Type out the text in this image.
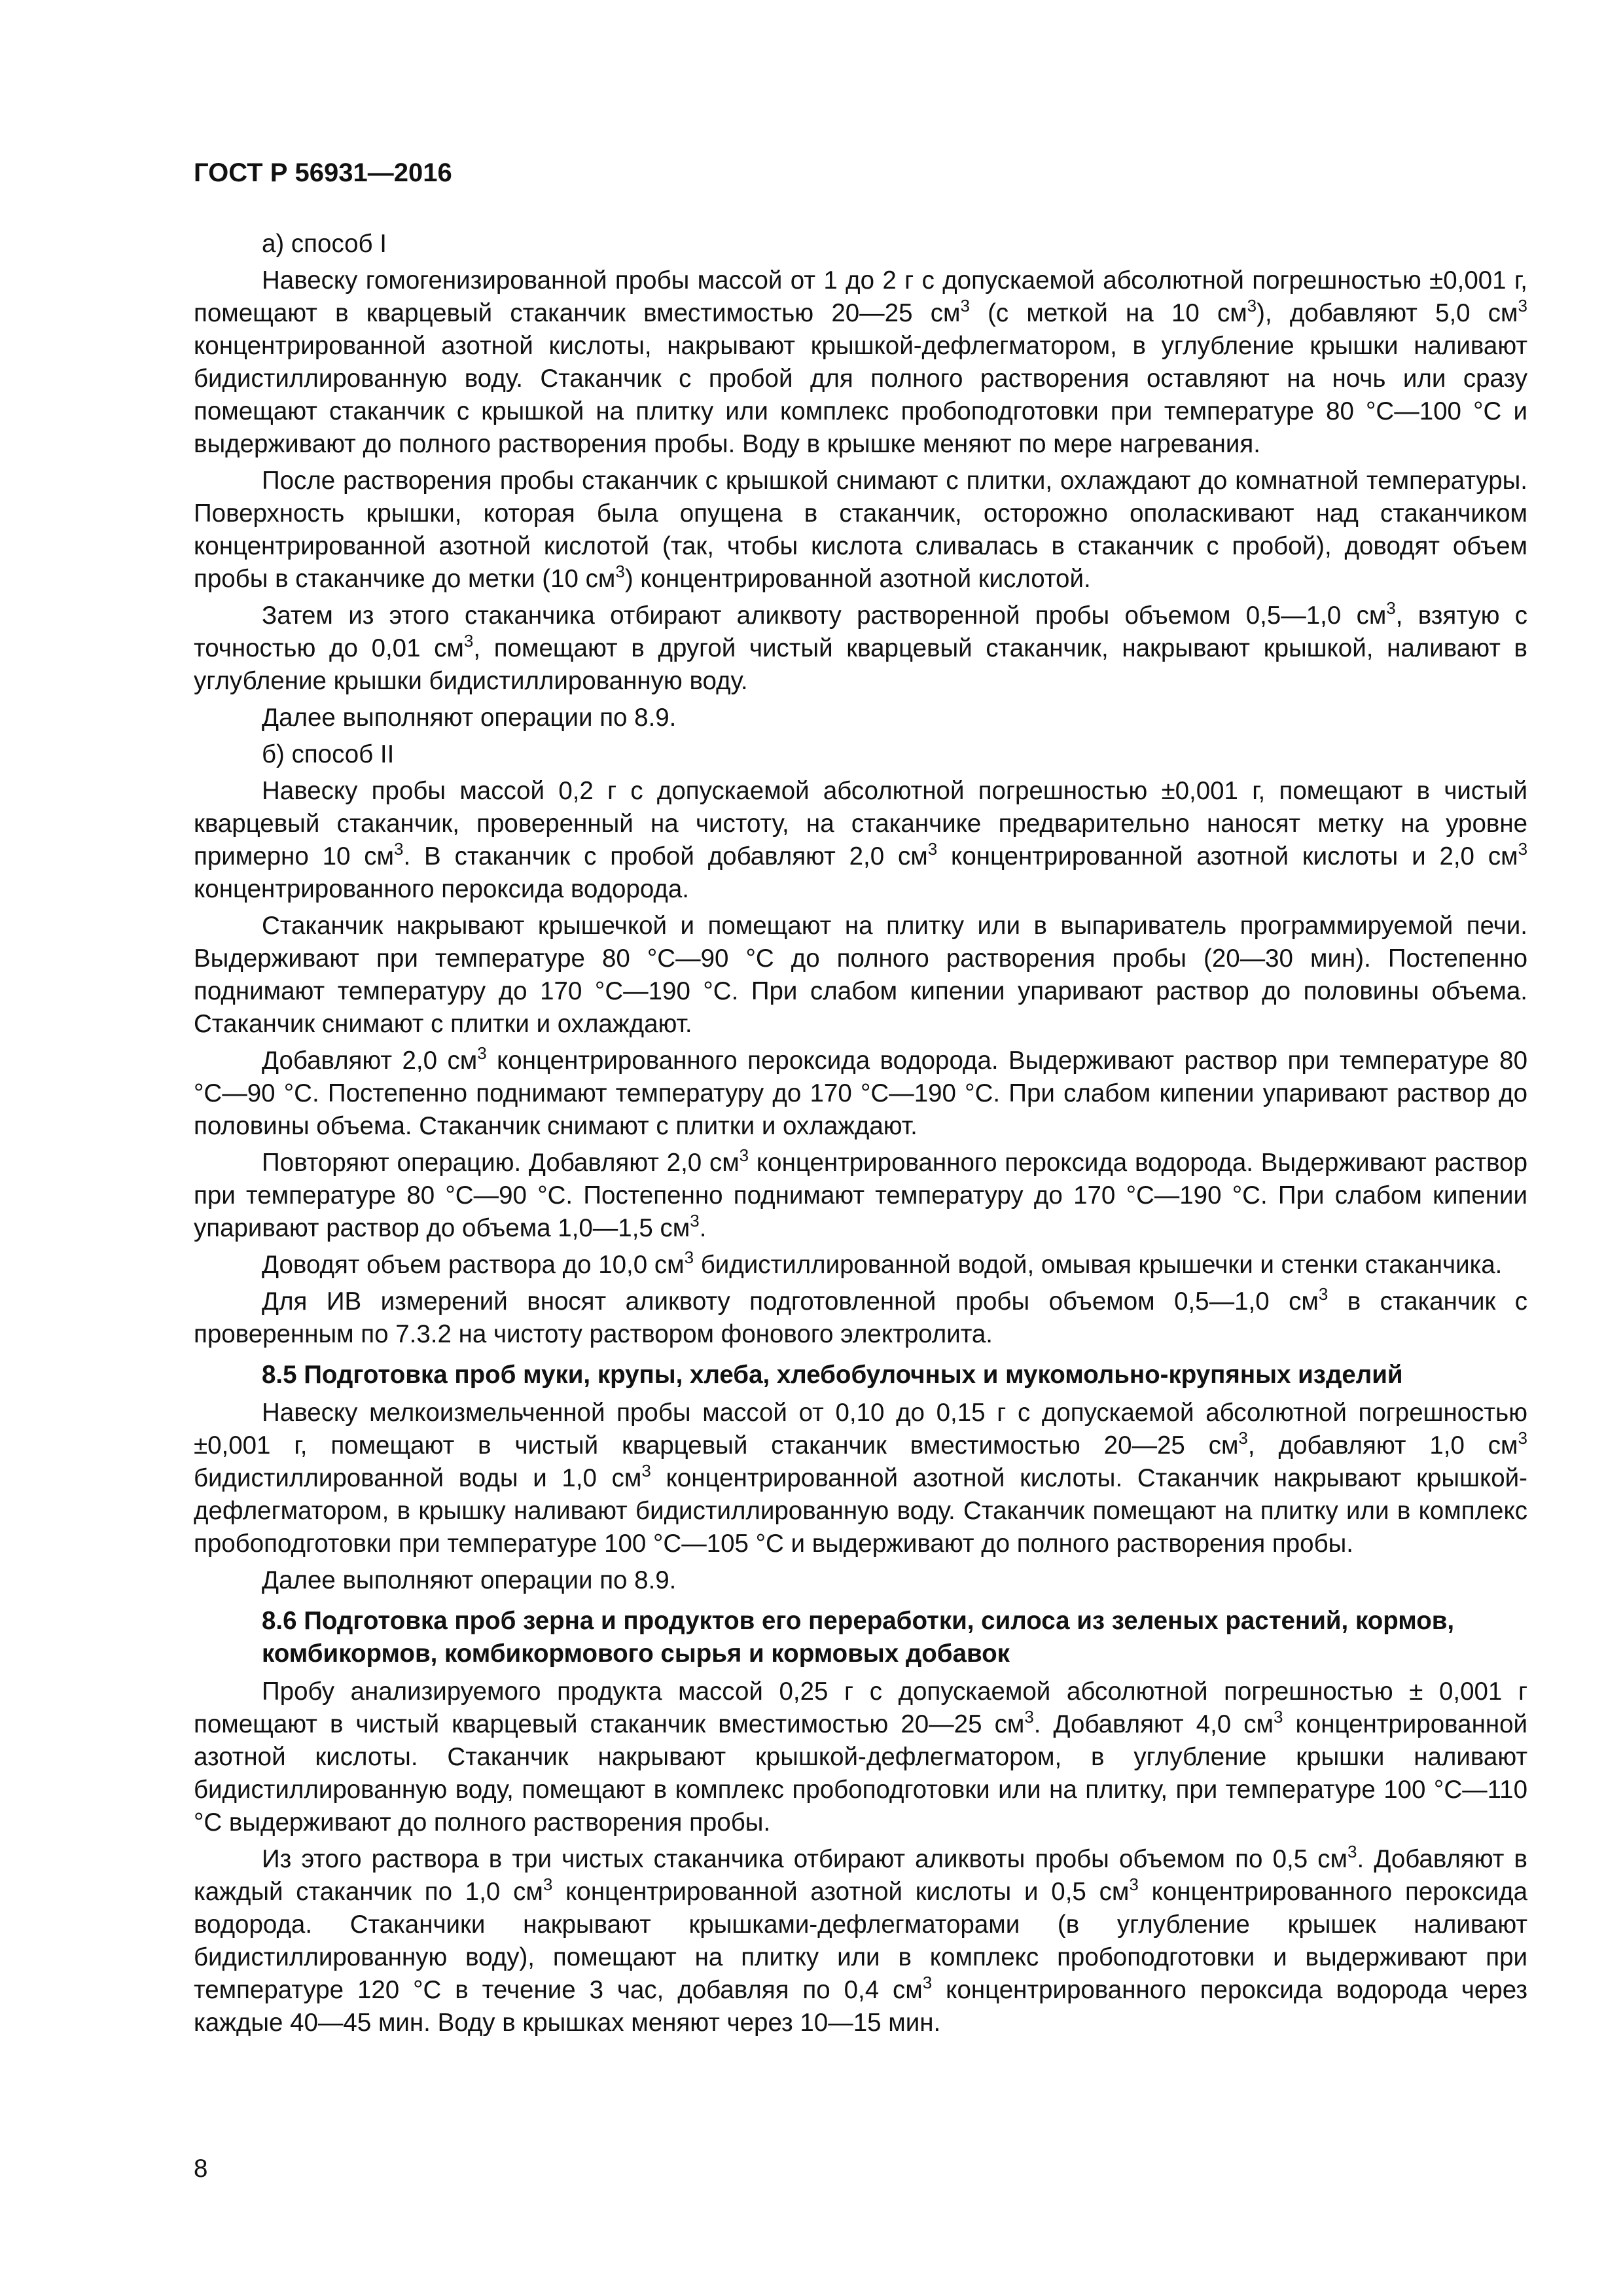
ГОСТ Р 56931—2016

а) способ I

Навеску гомогенизированной пробы массой от 1 до 2 г с допускаемой абсолютной погрешностью ±0,001 г, помещают в кварцевый стаканчик вместимостью 20—25 $см^3$ (с меткой на 10 $см^3$), добавляют 5,0 $см^3$ концентрированной азотной кислоты, накрывают крышкой-дефлегматором, в углубление крышки наливают бидистиллированную воду. Стаканчик с пробой для полного растворения оставляют на ночь или сразу помещают стаканчик с крышкой на плитку или комплекс пробоподготовки при температуре 80 °С—100 °С и выдерживают до полного растворения пробы. Воду в крышке меняют по мере нагревания.

После растворения пробы стаканчик с крышкой снимают с плитки, охлаждают до комнатной температуры. Поверхность крышки, которая была опущена в стаканчик, осторожно ополаскивают над стаканчиком концентрированной азотной кислотой (так, чтобы кислота сливалась в стаканчик с пробой), доводят объем пробы в стаканчике до метки (10 $см^3$) концентрированной азотной кислотой.

Затем из этого стаканчика отбирают аликвоту растворенной пробы объемом 0,5—1,0 $см^3$, взятую с точностью до 0,01 $см^3$, помещают в другой чистый кварцевый стаканчик, накрывают крышкой, наливают в углубление крышки бидистиллированную воду.

Далее выполняют операции по 8.9.

б) способ II

Навеску пробы массой 0,2 г с допускаемой абсолютной погрешностью ±0,001 г, помещают в чистый кварцевый стаканчик, проверенный на чистоту, на стаканчике предварительно наносят метку на уровне примерно 10 $см^3$. В стаканчик с пробой добавляют 2,0 $см^3$ концентрированной азотной кислоты и 2,0 $см^3$ концентрированного пероксида водорода.

Стаканчик накрывают крышечкой и помещают на плитку или в выпариватель программируемой печи. Выдерживают при температуре 80 °С—90 °С до полного растворения пробы (20—30 мин). Постепенно поднимают температуру до 170 °С—190 °С. При слабом кипении упаривают раствор до половины объема. Стаканчик снимают с плитки и охлаждают.

Добавляют 2,0 $см^3$ концентрированного пероксида водорода. Выдерживают раствор при температуре 80 °С—90 °С. Постепенно поднимают температуру до 170 °С—190 °С. При слабом кипении упаривают раствор до половины объема. Стаканчик снимают с плитки и охлаждают.

Повторяют операцию. Добавляют 2,0 $см^3$ концентрированного пероксида водорода. Выдерживают раствор при температуре 80 °С—90 °С. Постепенно поднимают температуру до 170 °С—190 °С. При слабом кипении упаривают раствор до объема 1,0—1,5 $см^3$.

Доводят объем раствора до 10,0 $см^3$ бидистиллированной водой, омывая крышечки и стенки стаканчика.

Для ИВ измерений вносят аликвоту подготовленной пробы объемом 0,5—1,0 $см^3$ в стаканчик с проверенным по 7.3.2 на чистоту раствором фонового электролита.

8.5 Подготовка проб муки, крупы, хлеба, хлебобулочных и мукомольно-крупяных изделий

Навеску мелкоизмельченной пробы массой от 0,10 до 0,15 г с допускаемой абсолютной погрешностью ±0,001 г, помещают в чистый кварцевый стаканчик вместимостью 20—25 $см^3$, добавляют 1,0 $см^3$ бидистиллированной воды и 1,0 $см^3$ концентрированной азотной кислоты. Стаканчик накрывают крышкой-дефлегматором, в крышку наливают бидистиллированную воду. Стаканчик помещают на плитку или в комплекс пробоподготовки при температуре 100 °С—105 °С и выдерживают до полного растворения пробы.

Далее выполняют операции по 8.9.

8.6 Подготовка проб зерна и продуктов его переработки, силоса из зеленых растений, кормов, комбикормов, комбикормового сырья и кормовых добавок

Пробу анализируемого продукта массой 0,25 г с допускаемой абсолютной погрешностью ± 0,001 г помещают в чистый кварцевый стаканчик вместимостью 20—25 $см^3$. Добавляют 4,0 $см^3$ концентрированной азотной кислоты. Стаканчик накрывают крышкой-дефлегматором, в углубление крышки наливают бидистиллированную воду, помещают в комплекс пробоподготовки или на плитку, при температуре 100 °С—110 °С выдерживают до полного растворения пробы.

Из этого раствора в три чистых стаканчика отбирают аликвоты пробы объемом по 0,5 $см^3$. Добавляют в каждый стаканчик по 1,0 $см^3$ концентрированной азотной кислоты и 0,5 $см^3$ концентрированного пероксида водорода. Стаканчики накрывают крышками-дефлегматорами (в углубление крышек наливают бидистиллированную воду), помещают на плитку или в комплекс пробоподготовки и выдерживают при температуре 120 °С в течение 3 час, добавляя по 0,4 $см^3$ концентрированного пероксида водорода через каждые 40—45 мин. Воду в крышках меняют через 10—15 мин.

8
